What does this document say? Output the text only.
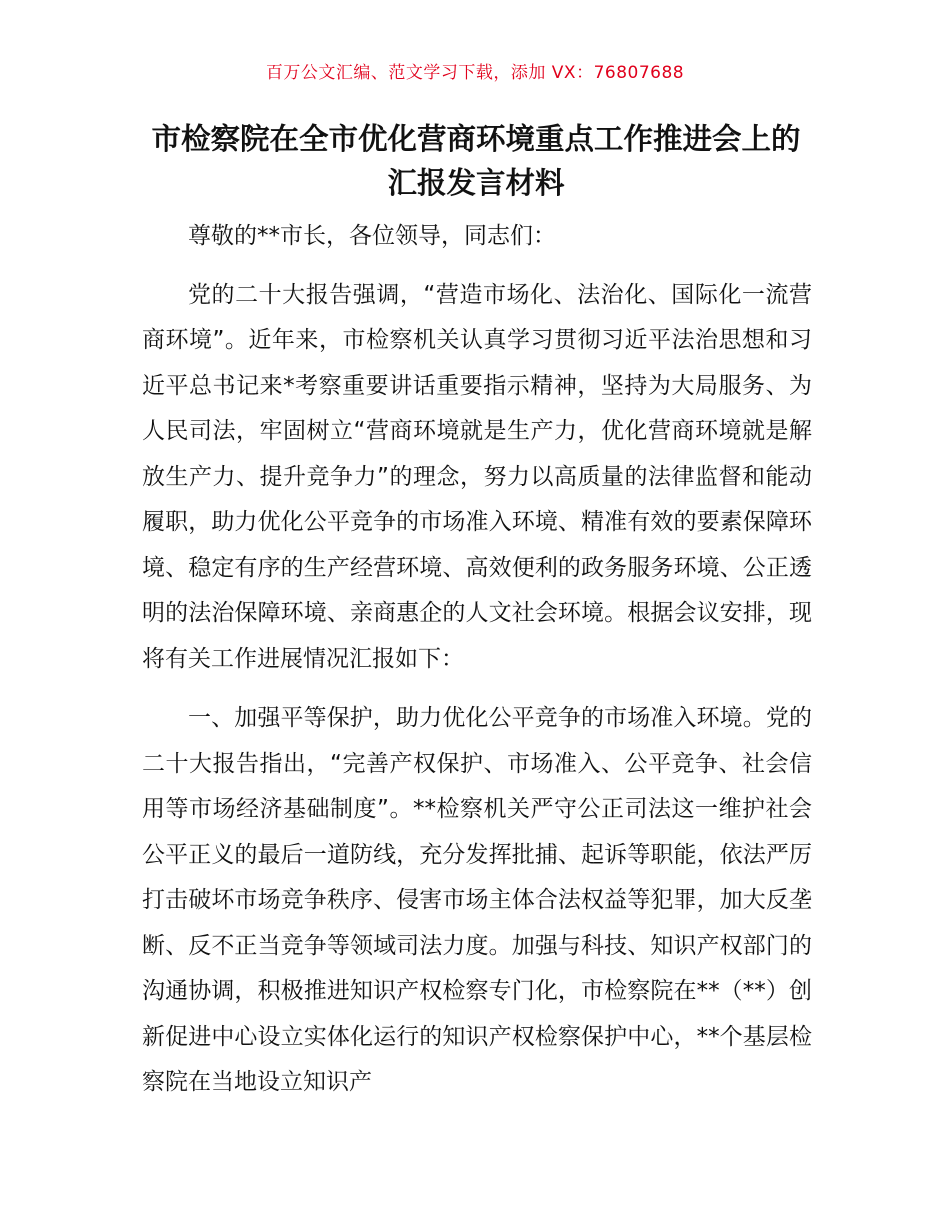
百万公文汇编、范文学习下载，添加 VX：76807688
市检察院在全市优化营商环境重点工作推进会上的汇报发言材料

尊敬的**市长，各位领导，同志们：

党的二十大报告强调，“营造市场化、法治化、国际化一流营商环境”。近年来，市检察机关认真学习贯彻习近平法治思想和习近平总书记来*考察重要讲话重要指示精神，坚持为大局服务、为人民司法，牢固树立“营商环境就是生产力，优化营商环境就是解放生产力、提升竞争力”的理念，努力以高质量的法律监督和能动履职，助力优化公平竞争的市场准入环境、精准有效的要素保障环境、稳定有序的生产经营环境、高效便利的政务服务环境、公正透明的法治保障环境、亲商惠企的人文社会环境。根据会议安排，现将有关工作进展情况汇报如下：

一、加强平等保护，助力优化公平竞争的市场准入环境。党的二十大报告指出，“完善产权保护、市场准入、公平竞争、社会信用等市场经济基础制度”。**检察机关严守公正司法这一维护社会公平正义的最后一道防线，充分发挥批捕、起诉等职能，依法严厉打击破坏市场竞争秩序、侵害市场主体合法权益等犯罪，加大反垄断、反不正当竞争等领域司法力度。加强与科技、知识产权部门的沟通协调，积极推进知识产权检察专门化，市检察院在**（**）创新促进中心设立实体化运行的知识产权检察保护中心，**个基层检察院在当地设立知识产
